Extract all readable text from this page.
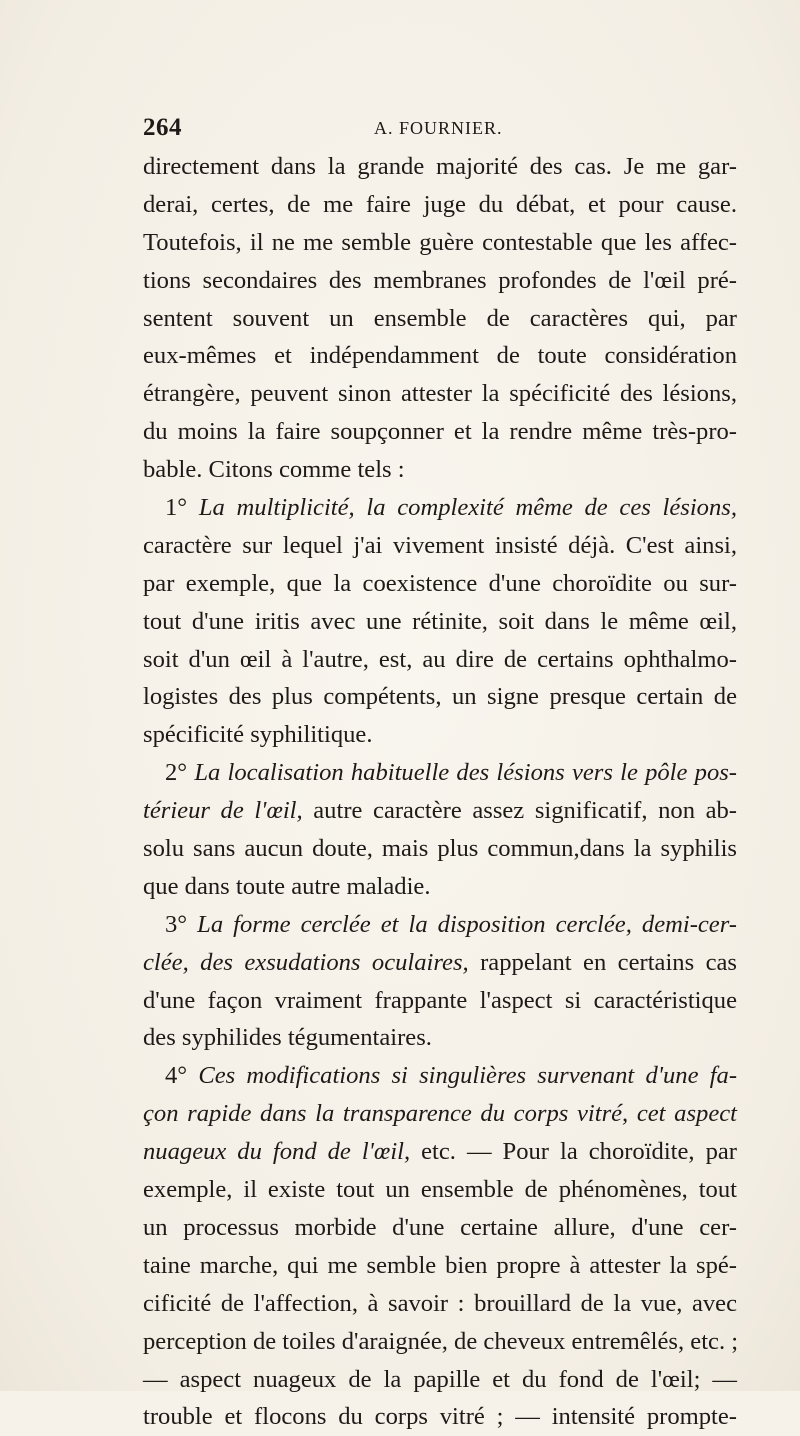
264	A. FOURNIER.
directement dans la grande majorité des cas. Je me gar-
derai, certes, de me faire juge du débat, et pour cause.
Toutefois, il ne me semble guère contestable que les affec-
tions secondaires des membranes profondes de l'œil pré-
sentent souvent un ensemble de caractères qui, par
eux-mêmes et indépendamment de toute considération
étrangère, peuvent sinon attester la spécificité des lésions,
du moins la faire soupçonner et la rendre même très-pro-
bable. Citons comme tels :
1° La multiplicité, la complexité même de ces lésions,
caractère sur lequel j'ai vivement insisté déjà. C'est ainsi,
par exemple, que la coexistence d'une choroïdite ou sur-
tout d'une iritis avec une rétinite, soit dans le même œil,
soit d'un œil à l'autre, est, au dire de certains ophthalmo-
logistes des plus compétents, un signe presque certain de
spécificité syphilitique.
2° La localisation habituelle des lésions vers le pôle pos-
térieur de l'œil, autre caractère assez significatif, non ab-
solu sans aucun doute, mais plus commun,dans la syphilis
que dans toute autre maladie.
3° La forme cerclée et la disposition cerclée, demi-cer-
clée, des exsudations oculaires, rappelant en certains cas
d'une façon vraiment frappante l'aspect si caractéristique
des syphilides tégumentaires.
4° Ces modifications si singulières survenant d'une fa-
çon rapide dans la transparence du corps vitré, cet aspect
nuageux du fond de l'œil, etc. — Pour la choroïdite, par
exemple, il existe tout un ensemble de phénomènes, tout
un processus morbide d'une certaine allure, d'une cer-
taine marche, qui me semble bien propre à attester la spé-
cificité de l'affection, à savoir : brouillard de la vue, avec
perception de toiles d'araignée, de cheveux entremêlés, etc. ;
— aspect nuageux de la papille et du fond de l'œil; —
trouble et flocons du corps vitré ; — intensité prompte-
